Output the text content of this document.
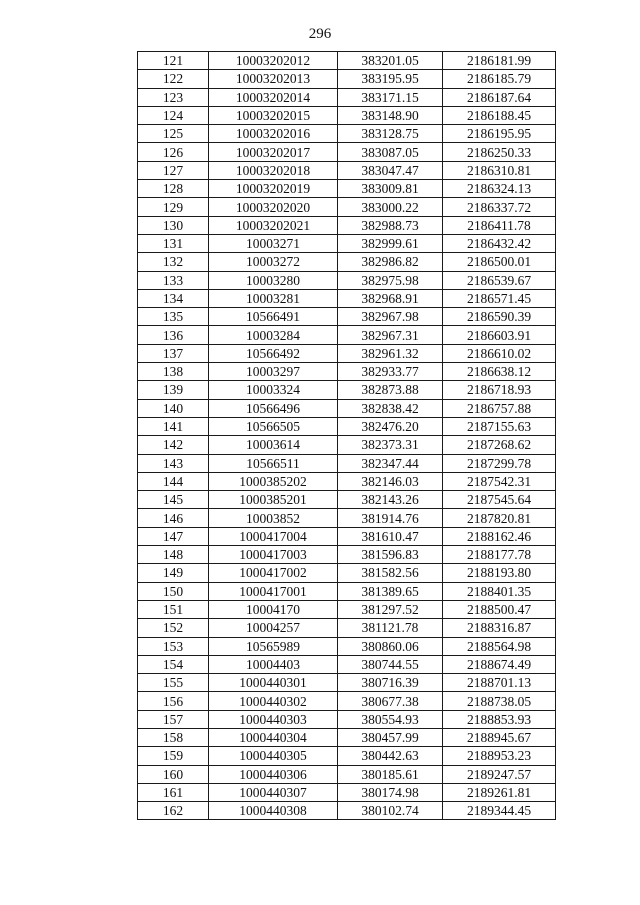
296
121	10003202012	383201.05	2186181.99
122	10003202013	383195.95	2186185.79
123	10003202014	383171.15	2186187.64
124	10003202015	383148.90	2186188.45
125	10003202016	383128.75	2186195.95
126	10003202017	383087.05	2186250.33
127	10003202018	383047.47	2186310.81
128	10003202019	383009.81	2186324.13
129	10003202020	383000.22	2186337.72
130	10003202021	382988.73	2186411.78
131	10003271	382999.61	2186432.42
132	10003272	382986.82	2186500.01
133	10003280	382975.98	2186539.67
134	10003281	382968.91	2186571.45
135	10566491	382967.98	2186590.39
136	10003284	382967.31	2186603.91
137	10566492	382961.32	2186610.02
138	10003297	382933.77	2186638.12
139	10003324	382873.88	2186718.93
140	10566496	382838.42	2186757.88
141	10566505	382476.20	2187155.63
142	10003614	382373.31	2187268.62
143	10566511	382347.44	2187299.78
144	1000385202	382146.03	2187542.31
145	1000385201	382143.26	2187545.64
146	10003852	381914.76	2187820.81
147	1000417004	381610.47	2188162.46
148	1000417003	381596.83	2188177.78
149	1000417002	381582.56	2188193.80
150	1000417001	381389.65	2188401.35
151	10004170	381297.52	2188500.47
152	10004257	381121.78	2188316.87
153	10565989	380860.06	2188564.98
154	10004403	380744.55	2188674.49
155	1000440301	380716.39	2188701.13
156	1000440302	380677.38	2188738.05
157	1000440303	380554.93	2188853.93
158	1000440304	380457.99	2188945.67
159	1000440305	380442.63	2188953.23
160	1000440306	380185.61	2189247.57
161	1000440307	380174.98	2189261.81
162	1000440308	380102.74	2189344.45
